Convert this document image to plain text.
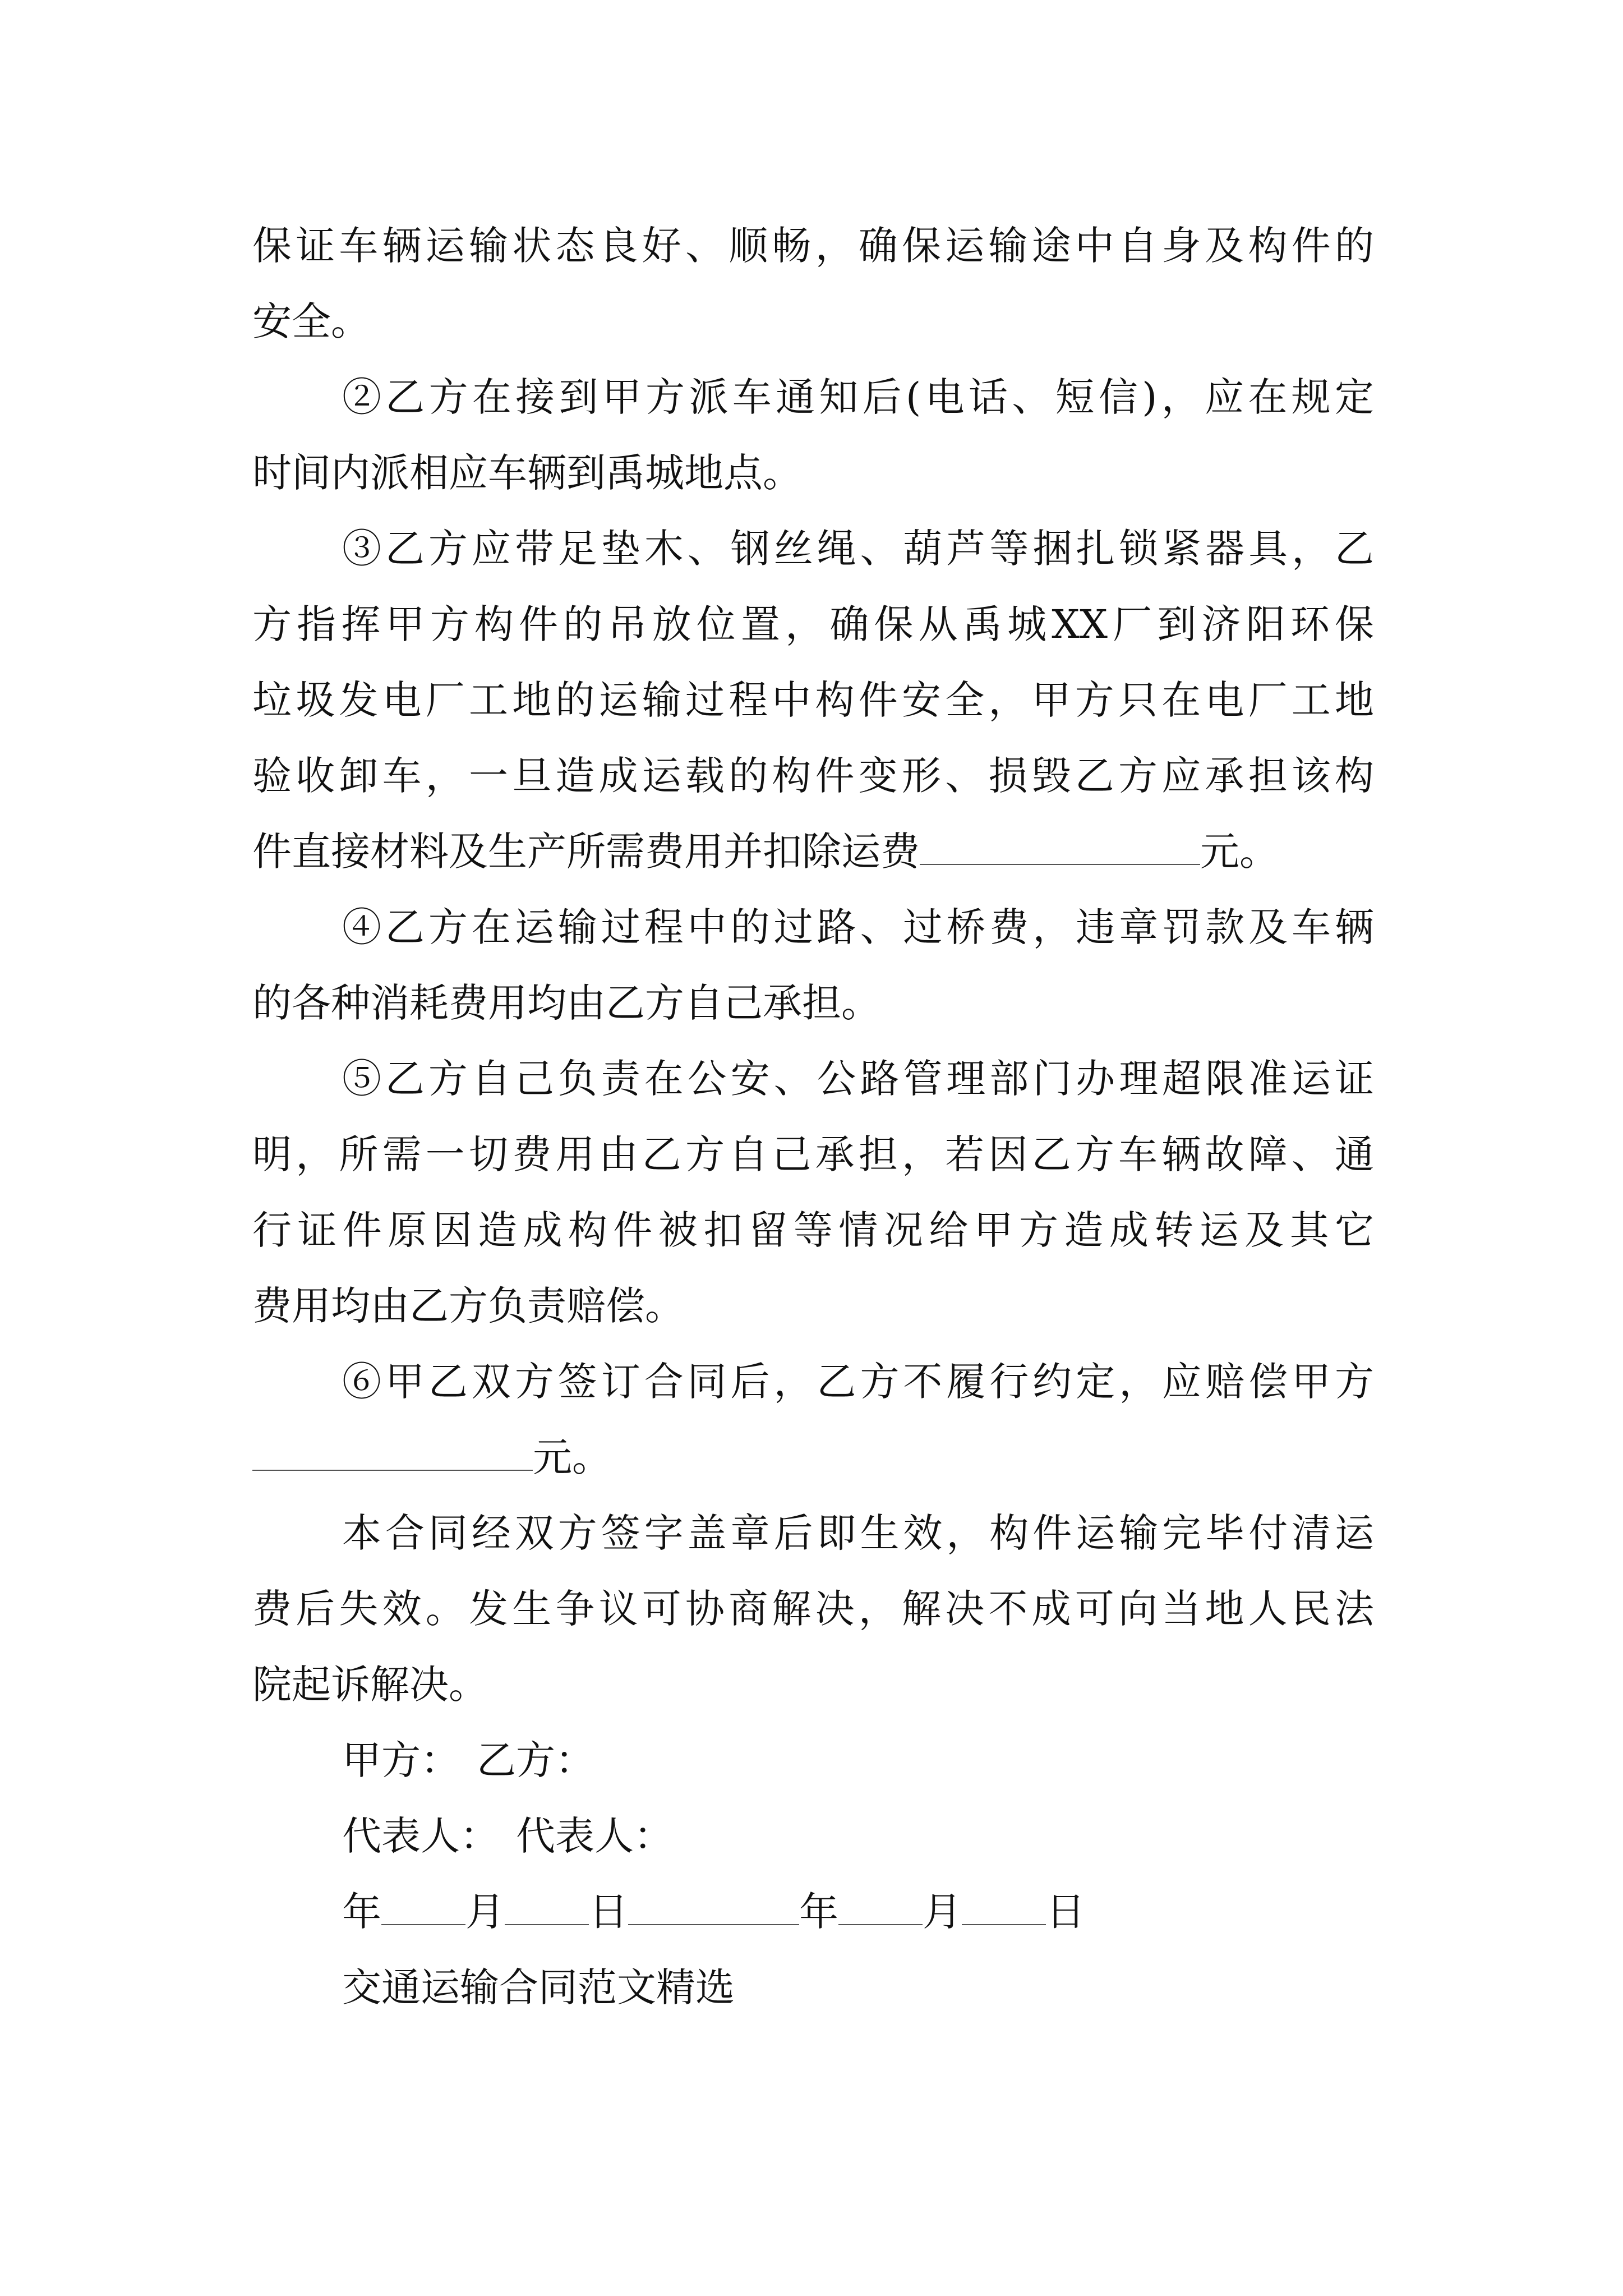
保证车辆运输状态良好、顺畅，确保运输途中自身及构件的
安全。
②乙方在接到甲方派车通知后(电话、短信)，应在规定
时间内派相应车辆到禹城地点。
③乙方应带足垫木、钢丝绳、葫芦等捆扎锁紧器具，乙
方指挥甲方构件的吊放位置，确保从禹城XX厂到济阳环保
垃圾发电厂工地的运输过程中构件安全，甲方只在电厂工地
验收卸车，一旦造成运载的构件变形、损毁乙方应承担该构
件直接材料及生产所需费用并扣除运费	元。
④乙方在运输过程中的过路、过桥费，违章罚款及车辆
的各种消耗费用均由乙方自己承担。
⑤乙方自己负责在公安、公路管理部门办理超限准运证
明，所需一切费用由乙方自己承担，若因乙方车辆故障、通
行证件原因造成构件被扣留等情况给甲方造成转运及其它
费用均由乙方负责赔偿。
⑥甲乙双方签订合同后，乙方不履行约定，应赔偿甲方
元。
本合同经双方签字盖章后即生效，构件运输完毕付清运
费后失效。发生争议可协商解决，解决不成可向当地人民法
院起诉解决。
甲方： 乙方：
代表人： 代表人：
年 月 日	年 月 日
交通运输合同范文精选
